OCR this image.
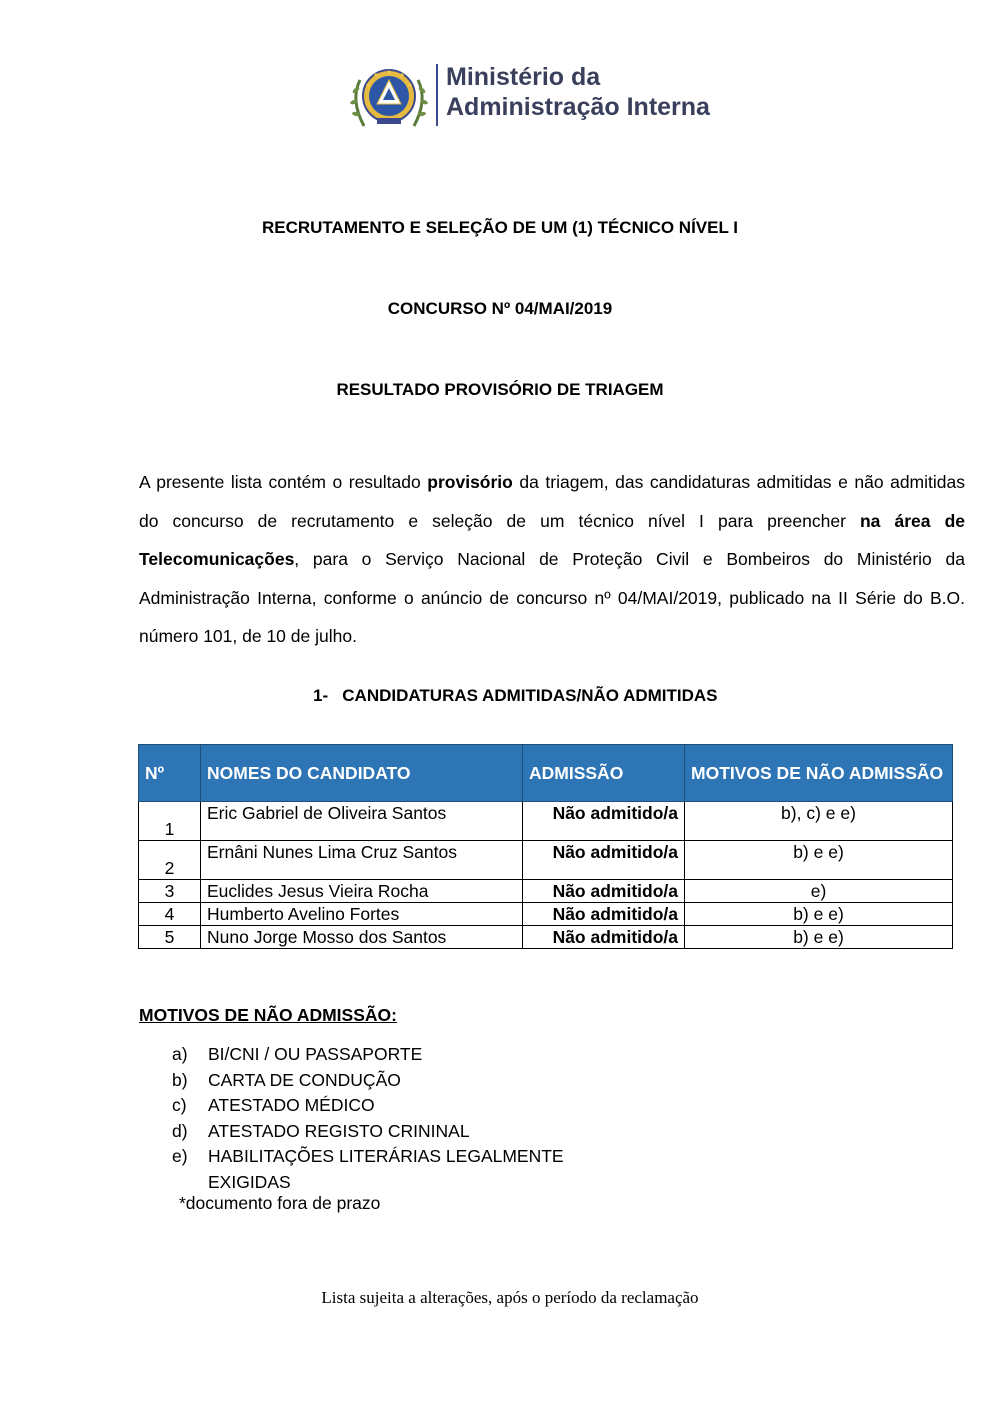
Ministério da
Administração Interna
RECRUTAMENTO E SELEÇÃO DE UM (1) TÉCNICO NÍVEL I
CONCURSO Nº 04/MAI/2019
RESULTADO PROVISÓRIO DE TRIAGEM

A presente lista contém o resultado provisório da triagem, das candidaturas admitidas e não admitidas do concurso de recrutamento e seleção de um técnico nível I para preencher na área de Telecomunicações, para o Serviço Nacional de Proteção Civil e Bombeiros do Ministério da Administração Interna, conforme o anúncio de concurso nº 04/MAI/2019, publicado na II Série do B.O. número 101, de 10 de julho.

1-   CANDIDATURAS ADMITIDAS/NÃO ADMITIDAS
Nº	NOMES DO CANDIDATO	ADMISSÃO	MOTIVOS DE NÃO ADMISSÃO
1	Eric Gabriel de Oliveira Santos	Não admitido/a	b), c) e e)
2	Ernâni Nunes Lima Cruz Santos	Não admitido/a	b) e e)
3	Euclides Jesus Vieira Rocha	Não admitido/a	e)
4	Humberto Avelino Fortes	Não admitido/a	b) e e)
5	Nuno Jorge Mosso dos Santos	Não admitido/a	b) e e)
MOTIVOS DE NÃO ADMISSÃO:
a) BI/CNI / OU PASSAPORTE
b) CARTA DE CONDUÇÃO
c) ATESTADO MÉDICO
d) ATESTADO REGISTO CRININAL
e) HABILITAÇÕES LITERÁRIAS LEGALMENTE EXIGIDAS
*documento fora de prazo
Lista sujeita a alterações, após o período da reclamação
